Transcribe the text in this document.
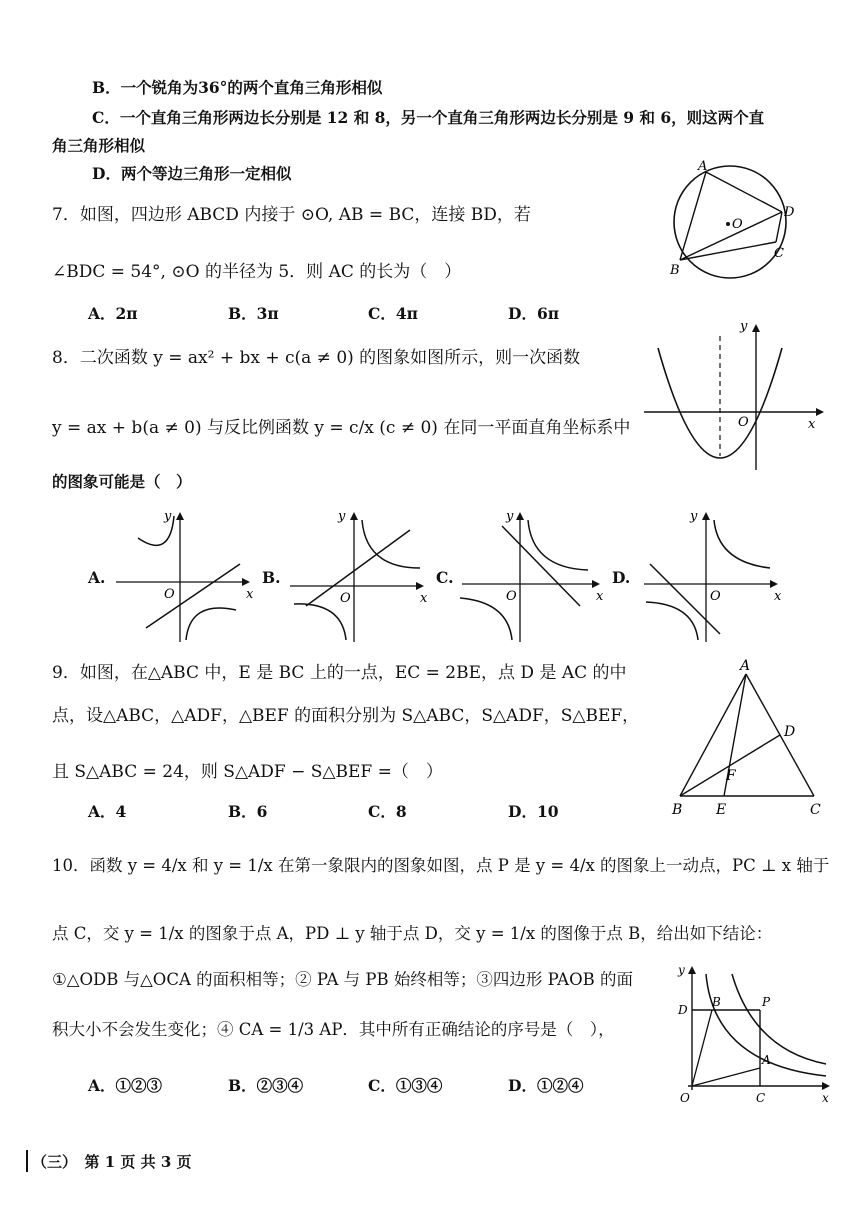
B．一个锐角为36°的两个直角三角形相似
C．一个直角三角形两边长分别是 12 和 8，另一个直角三角形两边长分别是 9 和 6，则这两个直
角三角形相似
D．两个等边三角形一定相似
7．如图，四边形 ABCD 内接于 ⊙O, AB = BC，连接 BD，若
∠BDC = 54°, ⊙O 的半径为 5．则 AC 的长为（　）
A．2π	B．3π	C．4π	D．6π
A
O
D
C
B
8．二次函数 y = ax² + bx + c(a ≠ 0) 的图象如图所示，则一次函数
y = ax + b(a ≠ 0) 与反比例函数 y = c/x (c ≠ 0) 在同一平面直角坐标系中
的图象可能是（　）
y
O	x
A.
y
O	x
B.
y
O	x
C.
y
O	x
D.
y
O	x
9．如图，在△ABC 中，E 是 BC 上的一点，EC = 2BE，点 D 是 AC 的中
点，设△ABC，△ADF，△BEF 的面积分别为 S△ABC，S△ADF，S△BEF，
且 S△ABC = 24，则 S△ADF − S△BEF =（　）
A．4	B．6	C．8	D．10
A
D
F
B E	C
10．函数 y = 4/x 和 y = 1/x 在第一象限内的图象如图，点 P 是 y = 4/x 的图象上一动点，PC ⊥ x 轴于
点 C，交 y = 1/x 的图象于点 A，PD ⊥ y 轴于点 D，交 y = 1/x 的图像于点 B，给出如下结论：
①△ODB 与△OCA 的面积相等；② PA 与 PB 始终相等；③四边形 PAOB 的面
积大小不会发生变化；④ CA = 1/3 AP．其中所有正确结论的序号是（　），
A．①②③	B．②③④	C．①③④	D．①②④
y
D
B	P
A
O	C	x
（三）　第 1 页 共 3 页
